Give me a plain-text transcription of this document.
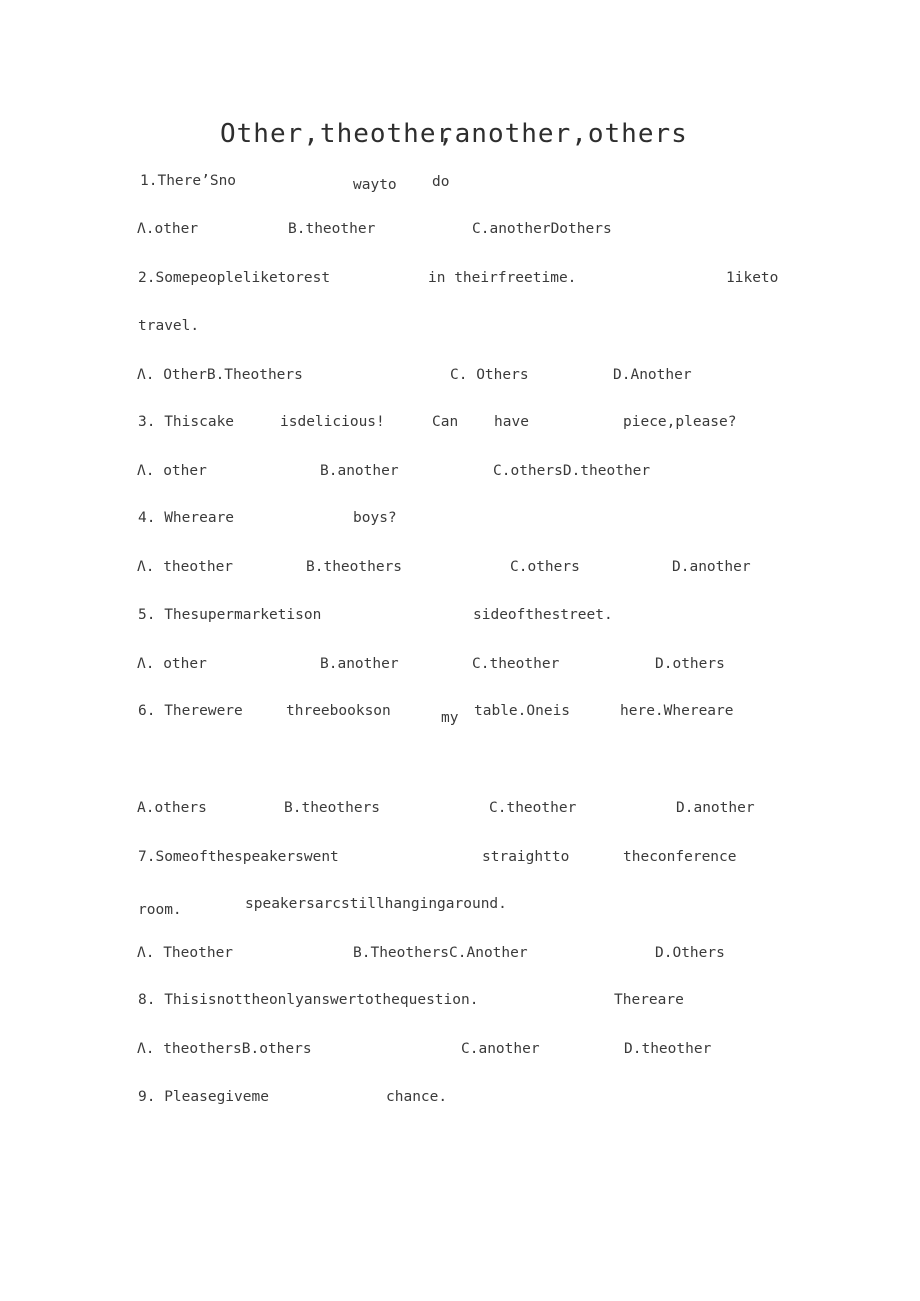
Other,theother
,another,others
1.There’Sno	wayto do
Λ.other	B.theother	C.anotherDothers
2.Somepeopleliketorest	in theirfreetime.	1iketo
travel.
Λ. OtherB.Theothers	C. Others	D.Another
3. Thiscake	isdelicious!	Can have	piece,please?
Λ. other	B.another	C.othersD.theother
4. Whereare	boys?
Λ. theother	B.theothers	C.others	D.another
5. Thesupermarketison	sideofthestreet.
Λ. other	B.another	C.theother	D.others
6. Therewere	threebookson	my table.Oneis	here.Whereare
A.others	B.theothers	C.theother	D.another
7.Someofthespeakerswent	straightto	theconference
room.	speakersarcstillhangingaround.
Λ. Theother	B.TheothersC.Another	D.Others
8. Thisisnottheonlyanswertothequestion.	Thereare
Λ. theothersB.others	C.another	D.theother
9. Pleasegiveme	chance.
